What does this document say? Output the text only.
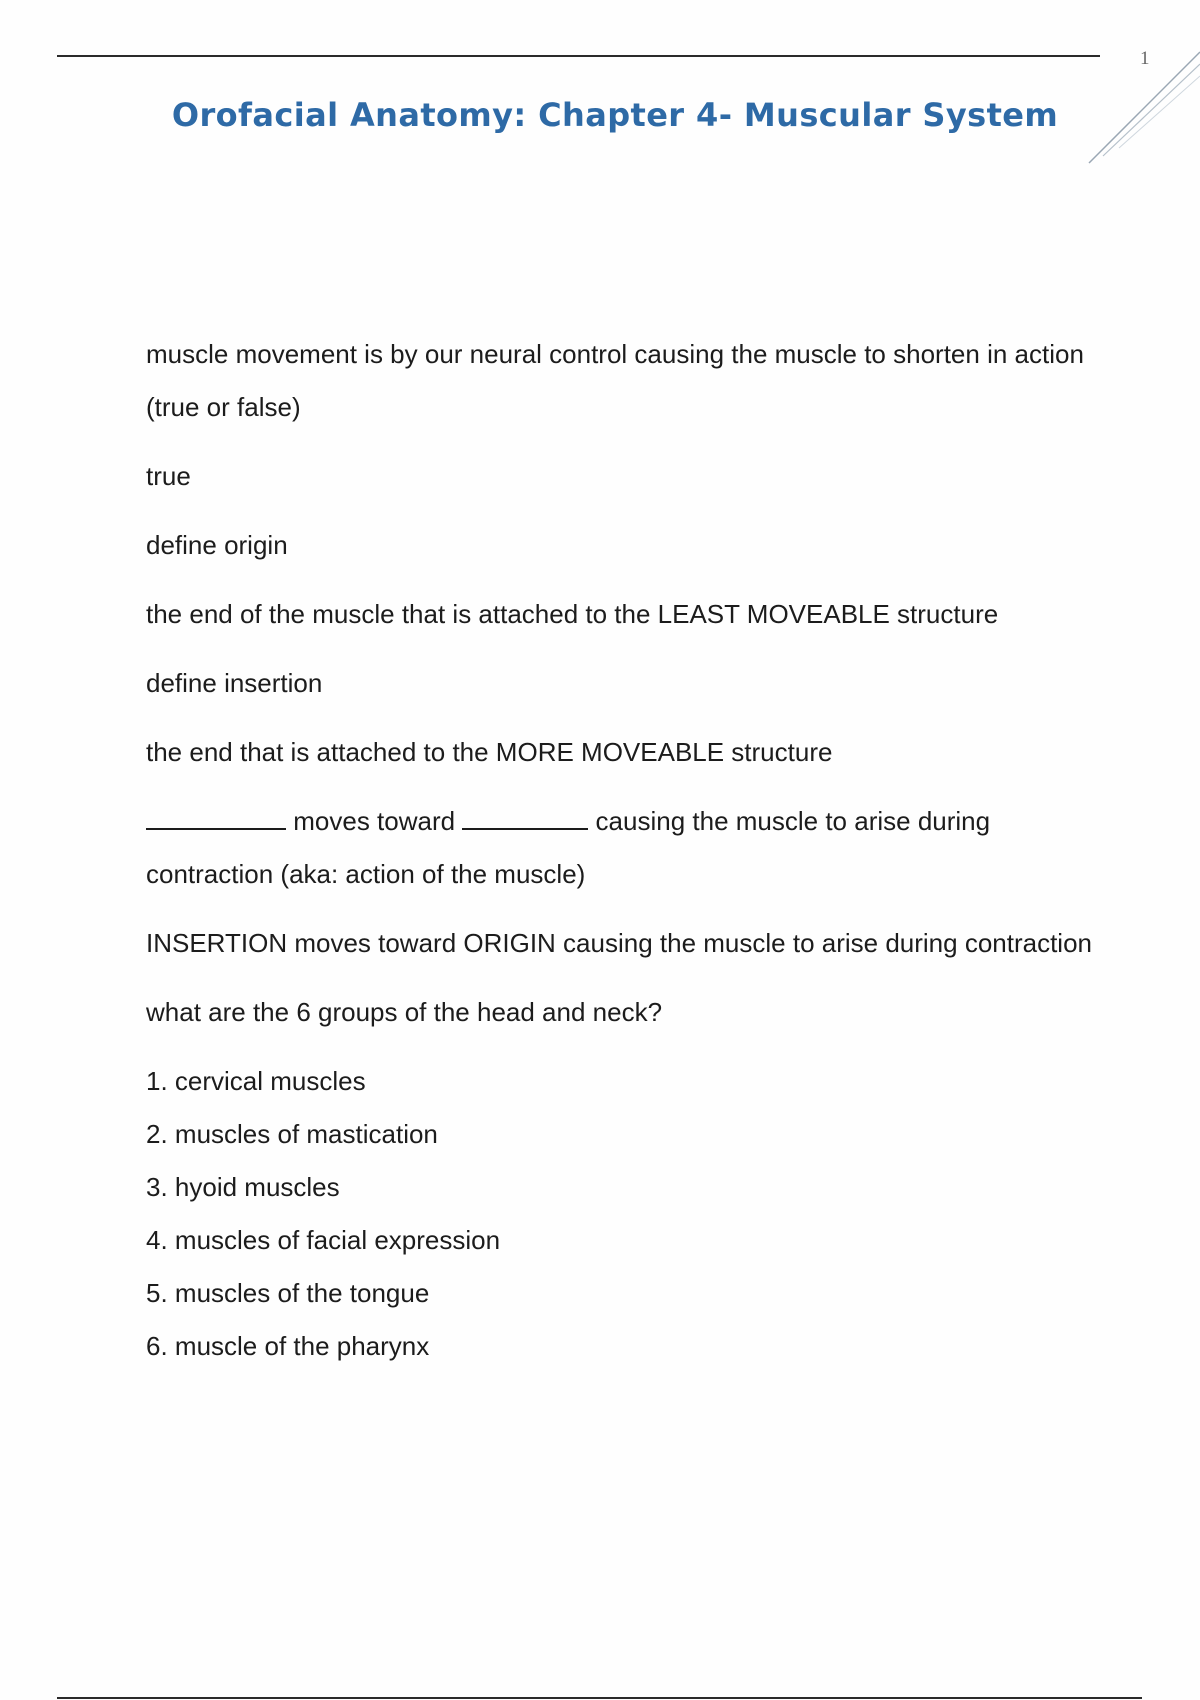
1
Orofacial Anatomy: Chapter 4- Muscular System

muscle movement is by our neural control causing the muscle to shorten in action (true or false)

true

define origin

the end of the muscle that is attached to the LEAST MOVEABLE structure

define insertion

the end that is attached to the MORE MOVEABLE structure

moves toward	causing the muscle to arise during contraction (aka: action of the muscle)

INSERTION moves toward ORIGIN causing the muscle to arise during contraction

what are the 6 groups of the head and neck?

1. cervical muscles
2. muscles of mastication
3. hyoid muscles
4. muscles of facial expression
5. muscles of the tongue
6. muscle of the pharynx
